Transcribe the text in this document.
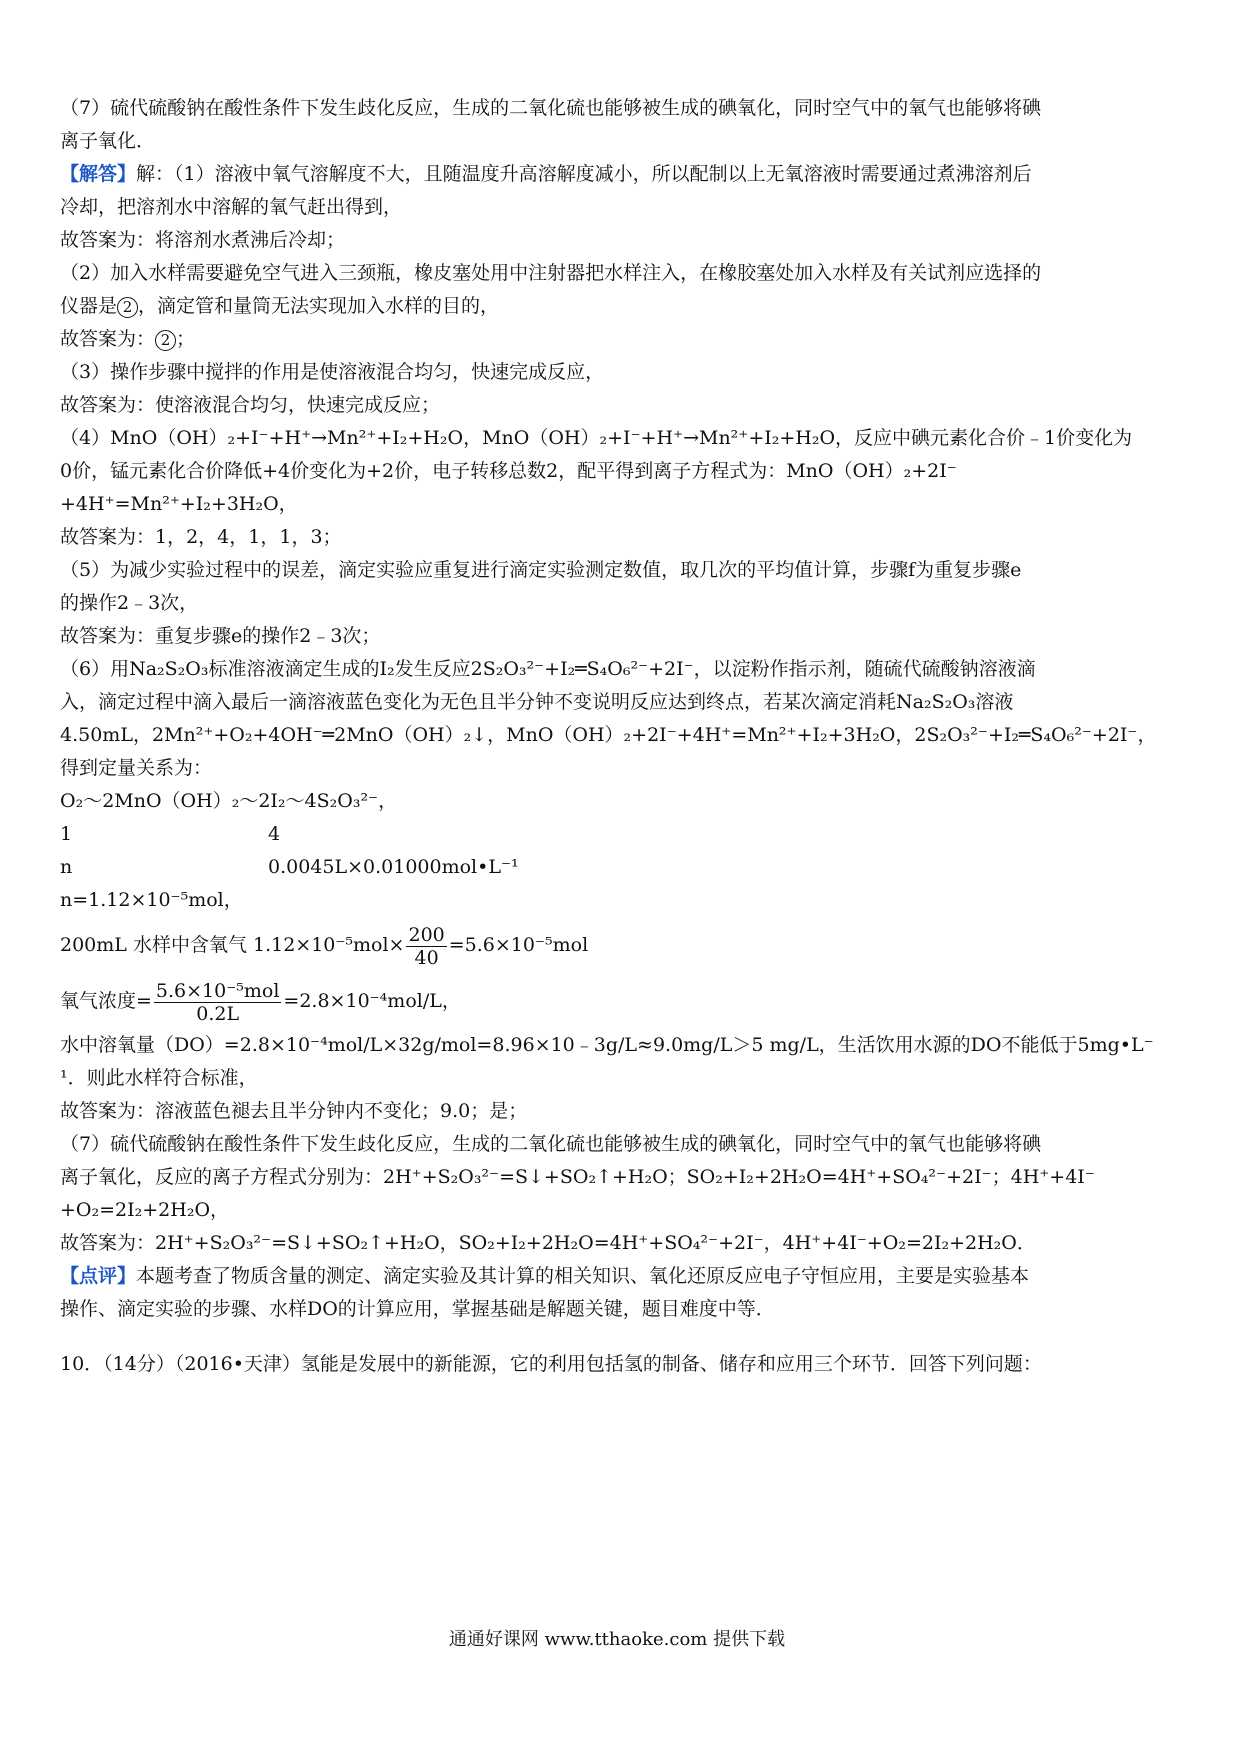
（7）硫代硫酸钠在酸性条件下发生歧化反应，生成的二氧化硫也能够被生成的碘氧化，同时空气中的氧气也能够将碘
离子氧化．
【解答】解：（1）溶液中氧气溶解度不大，且随温度升高溶解度减小，所以配制以上无氧溶液时需要通过煮沸溶剂后
冷却，把溶剂水中溶解的氧气赶出得到，
故答案为：将溶剂水煮沸后冷却；
（2）加入水样需要避免空气进入三颈瓶，橡皮塞处用中注射器把水样注入，在橡胶塞处加入水样及有关试剂应选择的
仪器是 2 ，滴定管和量筒无法实现加入水样的目的，
故答案为： 2 ；
（3）操作步骤中搅拌的作用是使溶液混合均匀，快速完成反应，
故答案为：使溶液混合均匀，快速完成反应；
（4）MnO（OH）₂+I⁻+H⁺→Mn²⁺+I₂+H₂O，MnO（OH）₂+I⁻+H⁺→Mn²⁺+I₂+H₂O，反应中碘元素化合价﹣1价变化为
0价，锰元素化合价降低+4价变化为+2价，电子转移总数2，配平得到离子方程式为：MnO（OH）₂+2I⁻
+4H⁺=Mn²⁺+I₂+3H₂O，
故答案为：1，2，4，1，1，3；
（5）为减少实验过程中的误差，滴定实验应重复进行滴定实验测定数值，取几次的平均值计算，步骤f为重复步骤e
的操作2﹣3次，
故答案为：重复步骤e的操作2﹣3次；
（6）用Na₂S₂O₃标准溶液滴定生成的I₂发生反应2S₂O₃²⁻+I₂═S₄O₆²⁻+2I⁻，以淀粉作指示剂，随硫代硫酸钠溶液滴
入，滴定过程中滴入最后一滴溶液蓝色变化为无色且半分钟不变说明反应达到终点，若某次滴定消耗Na₂S₂O₃溶液
4.50mL，2Mn²⁺+O₂+4OH⁻═2MnO（OH）₂↓，MnO（OH）₂+2I⁻+4H⁺=Mn²⁺+I₂+3H₂O，2S₂O₃²⁻+I₂═S₄O₆²⁻+2I⁻，
得到定量关系为：
O₂～2MnO（OH）₂～2I₂～4S₂O₃²⁻，
1	4
n	0.0045L×0.01000mol•L⁻¹
n=1.12×10⁻⁵mol，
200mL 水样中含氧气 $1.12\times 10^{-5}mol\times \frac{200}{40} =5.6\times 10^{-5}mol$
氧气浓度= $\frac{\text{5.6×10⁻⁵mol}}{0.2L} =2.8\times 10^{-4}mol/L$，
水中溶氧量（DO）=2.8×10⁻⁴mol/L×32g/mol=8.96×10﹣3g/L≈9.0mg/L＞5 mg/L，生活饮用水源的DO不能低于5mg•L⁻
¹．则此水样符合标准，
故答案为：溶液蓝色褪去且半分钟内不变化；9.0；是；
（7）硫代硫酸钠在酸性条件下发生歧化反应，生成的二氧化硫也能够被生成的碘氧化，同时空气中的氧气也能够将碘
离子氧化，反应的离子方程式分别为：2H⁺+S₂O₃²⁻=S↓+SO₂↑+H₂O；SO₂+I₂+2H₂O=4H⁺+SO₄²⁻+2I⁻；4H⁺+4I⁻
+O₂=2I₂+2H₂O，
故答案为：2H⁺+S₂O₃²⁻=S↓+SO₂↑+H₂O，SO₂+I₂+2H₂O=4H⁺+SO₄²⁻+2I⁻，4H⁺+4I⁻+O₂=2I₂+2H₂O．
【点评】本题考查了物质含量的测定、滴定实验及其计算的相关知识、氧化还原反应电子守恒应用，主要是实验基本
操作、滴定实验的步骤、水样DO的计算应用，掌握基础是解题关键，题目难度中等．
10．（14分）（2016•天津）氢能是发展中的新能源，它的利用包括氢的制备、储存和应用三个环节．回答下列问题：
通通好课网 www.tthaoke.com 提供下载
